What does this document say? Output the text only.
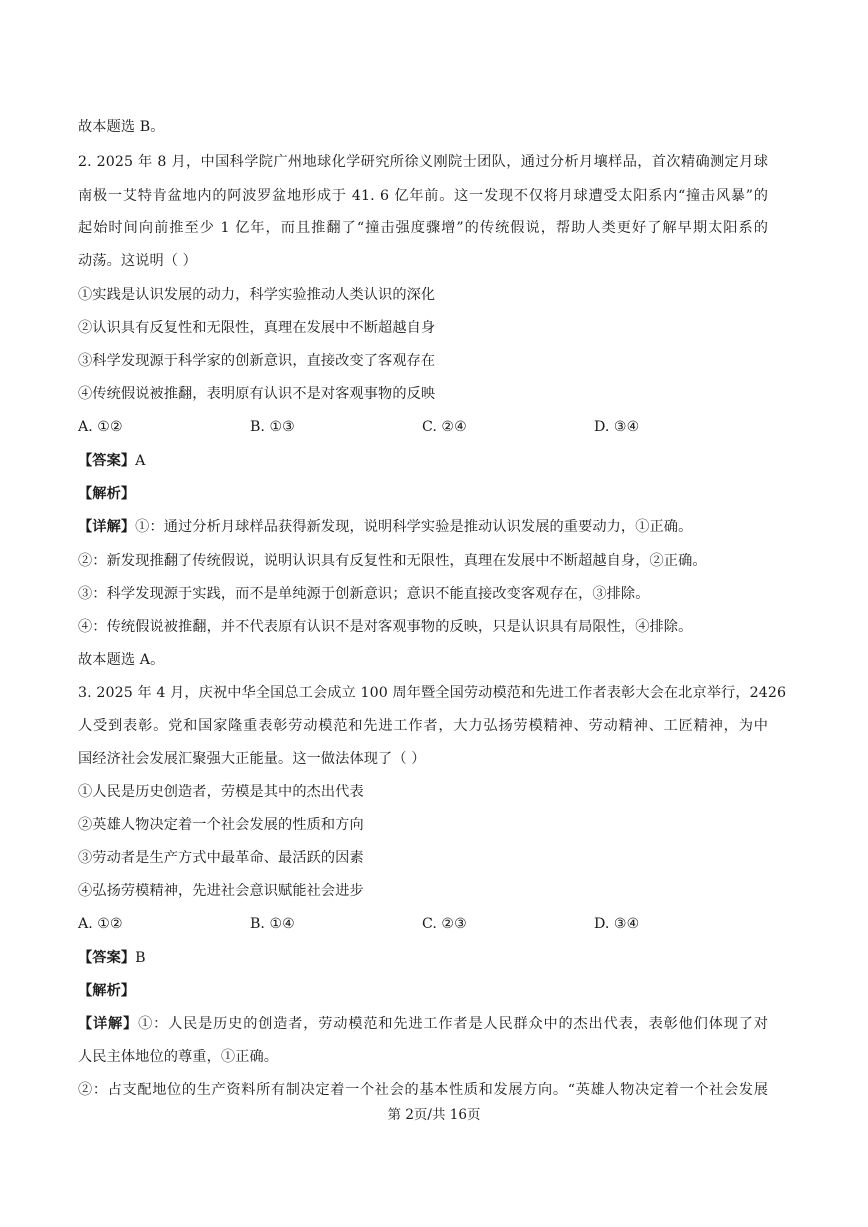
故本题选 B。
2. 2025 年 8 月，中国科学院广州地球化学研究所徐义刚院士团队，通过分析月壤样品，首次精确测定月球
南极一艾特肯盆地内的阿波罗盆地形成于 41. 6 亿年前。这一发现不仅将月球遭受太阳系内“撞击风暴”的
起始时间向前推至少 1 亿年，而且推翻了“撞击强度骤增”的传统假说，帮助人类更好了解早期太阳系的
动荡。这说明（ ）
①实践是认识发展的动力，科学实验推动人类认识的深化
②认识具有反复性和无限性，真理在发展中不断超越自身
③科学发现源于科学家的创新意识，直接改变了客观存在
④传统假说被推翻，表明原有认识不是对客观事物的反映
A. ①②	B. ①③	C. ②④	D. ③④
【答案】A
【解析】
【详解】①：通过分析月球样品获得新发现，说明科学实验是推动认识发展的重要动力，①正确。
②：新发现推翻了传统假说，说明认识具有反复性和无限性，真理在发展中不断超越自身，②正确。
③：科学发现源于实践，而不是单纯源于创新意识；意识不能直接改变客观存在，③排除。
④：传统假说被推翻，并不代表原有认识不是对客观事物的反映，只是认识具有局限性，④排除。
故本题选 A。
3. 2025 年 4 月，庆祝中华全国总工会成立 100 周年暨全国劳动模范和先进工作者表彰大会在北京举行，2426
人受到表彰。党和国家隆重表彰劳动模范和先进工作者，大力弘扬劳模精神、劳动精神、工匠精神，为中
国经济社会发展汇聚强大正能量。这一做法体现了（ ）
①人民是历史创造者，劳模是其中的杰出代表
②英雄人物决定着一个社会发展的性质和方向
③劳动者是生产方式中最革命、最活跃的因素
④弘扬劳模精神，先进社会意识赋能社会进步
A. ①②	B. ①④	C. ②③	D. ③④
【答案】B
【解析】
【详解】①：人民是历史的创造者，劳动模范和先进工作者是人民群众中的杰出代表，表彰他们体现了对
人民主体地位的尊重，①正确。
②：占支配地位的生产资料所有制决定着一个社会的基本性质和发展方向。“英雄人物决定着一个社会发展
第 2页/共 16页
